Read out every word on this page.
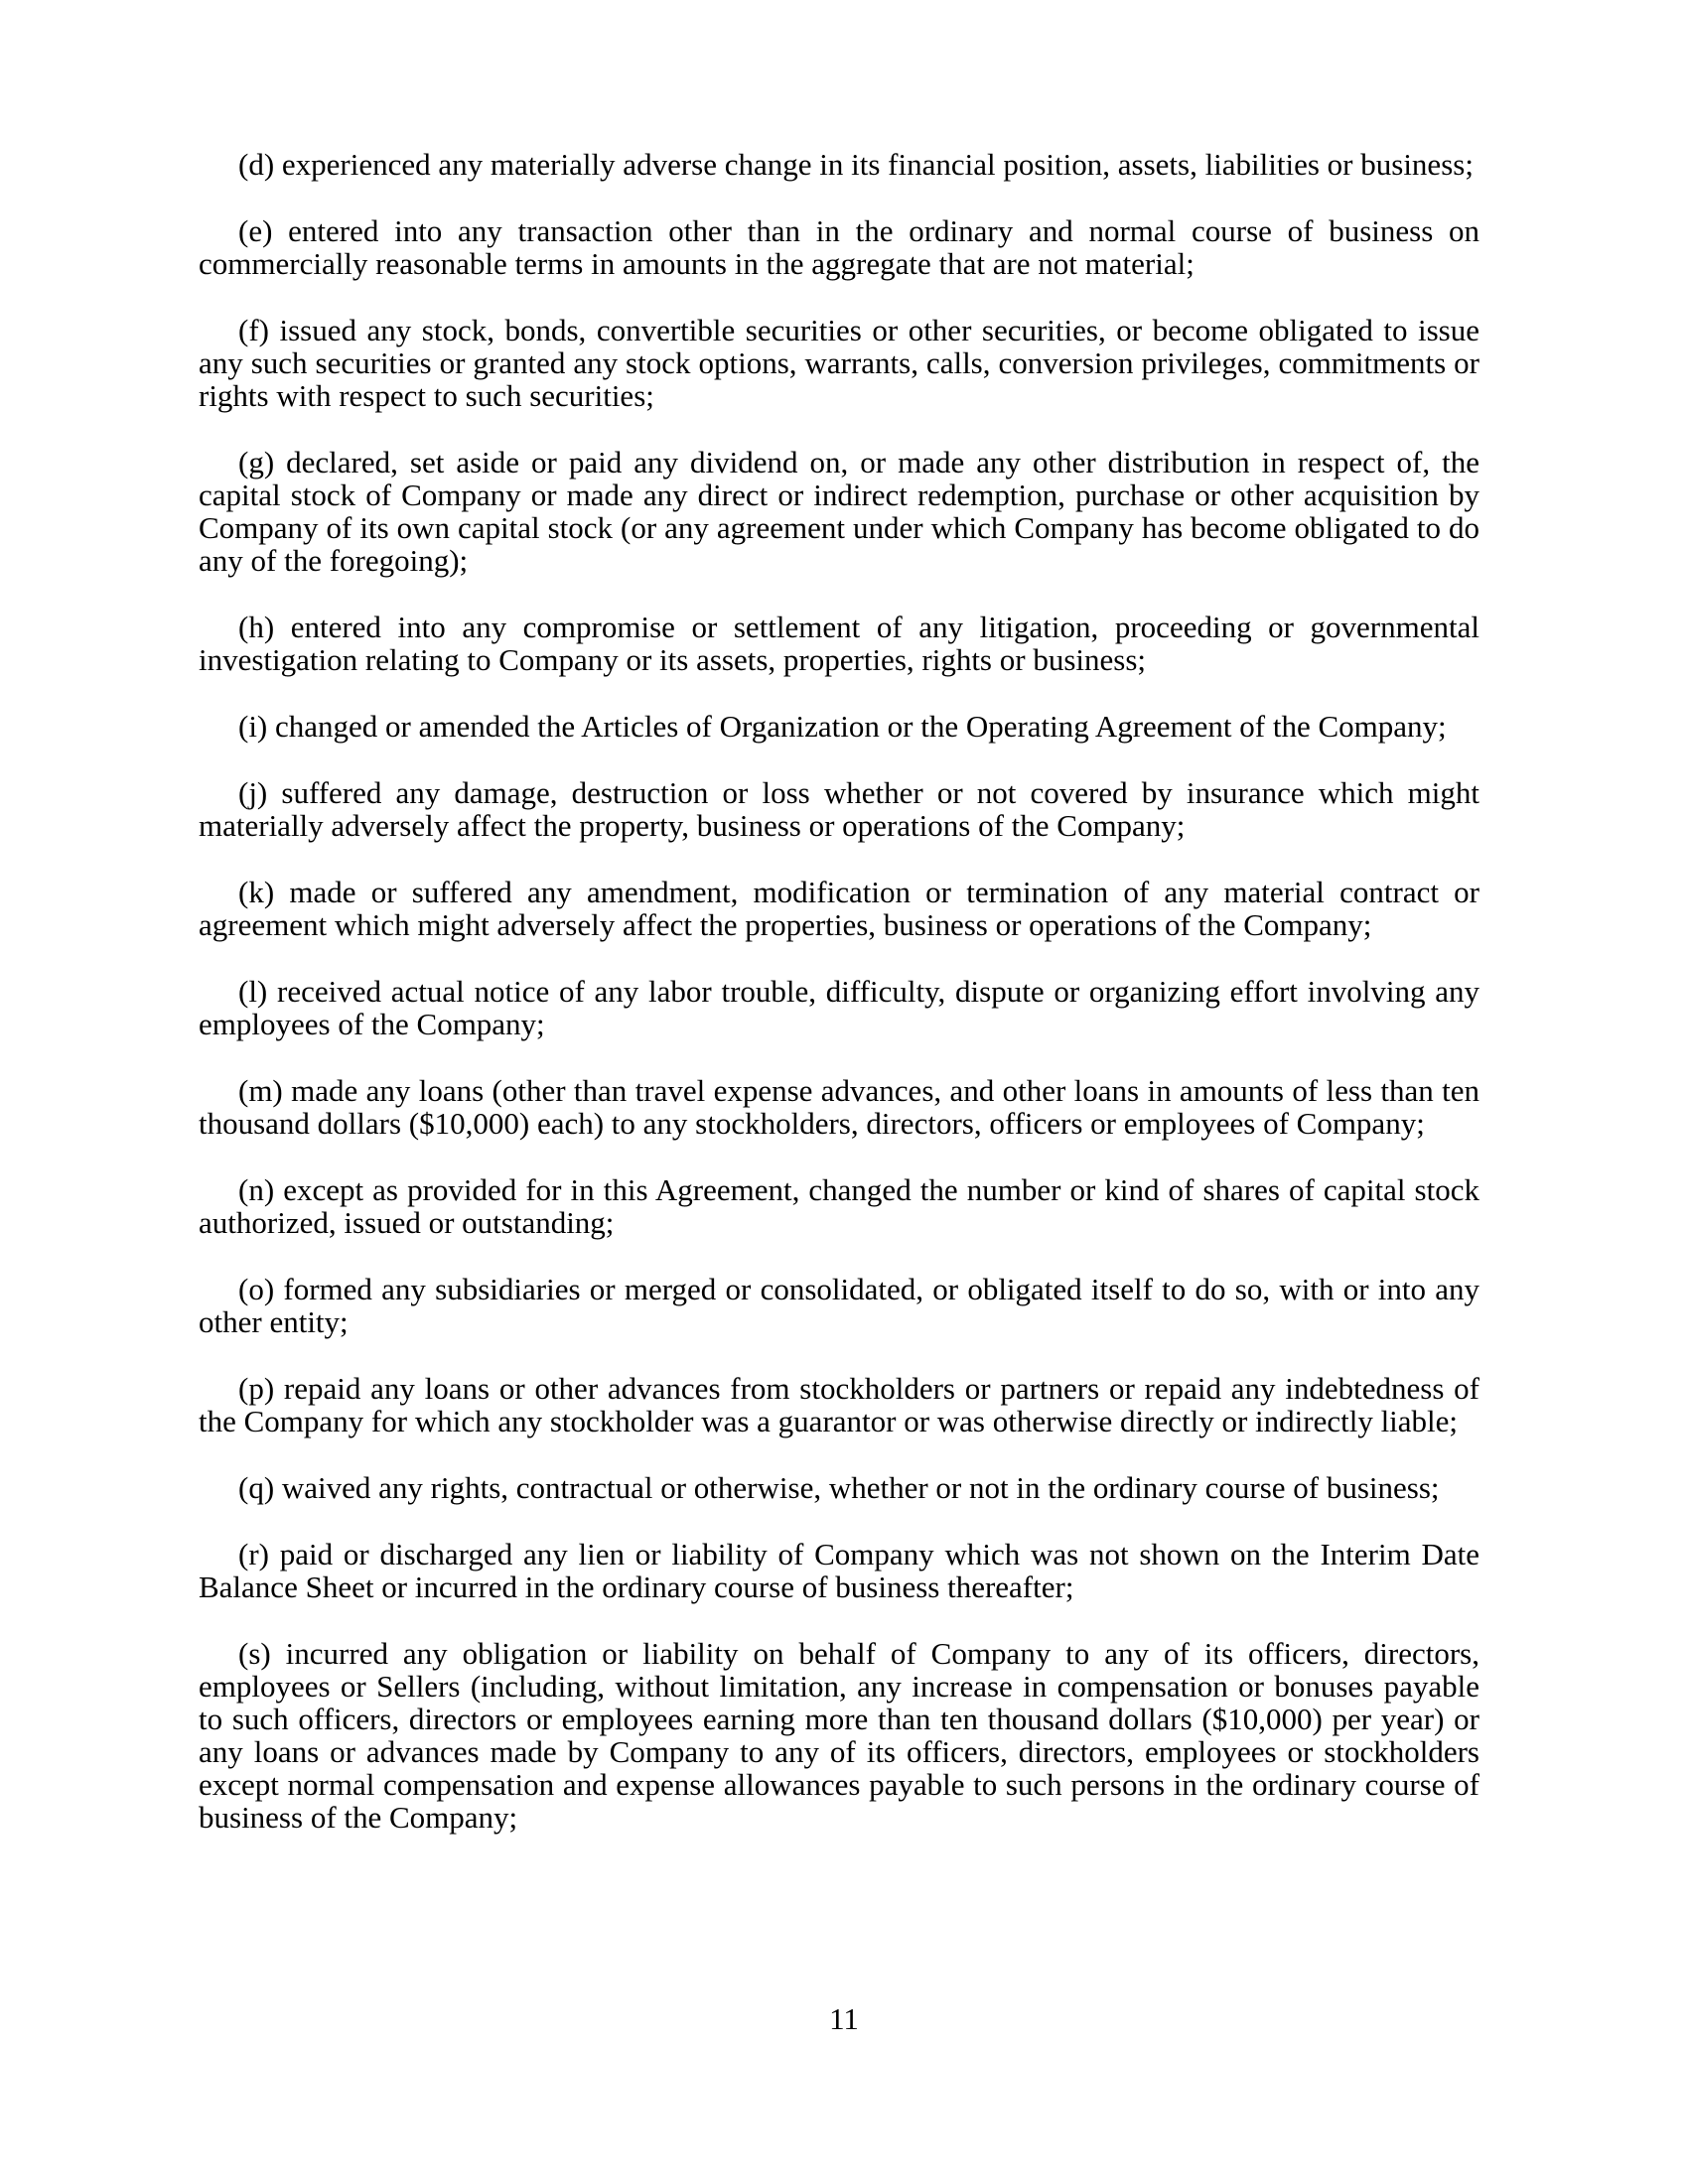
(d) experienced any materially adverse change in its financial position, assets, liabilities or business;

(e) entered into any transaction other than in the ordinary and normal course of business on commercially reasonable terms in amounts in the aggregate that are not material;

(f) issued any stock, bonds, convertible securities or other securities, or become obligated to issue any such securities or granted any stock options, warrants, calls, conversion privileges, commitments or rights with respect to such securities;

(g) declared, set aside or paid any dividend on, or made any other distribution in respect of, the capital stock of Company or made any direct or indirect redemption, purchase or other acquisition by Company of its own capital stock (or any agreement under which Company has become obligated to do any of the foregoing);

(h) entered into any compromise or settlement of any litigation, proceeding or governmental investigation relating to Company or its assets, properties, rights or business;

(i) changed or amended the Articles of Organization or the Operating Agreement of the Company;

(j) suffered any damage, destruction or loss whether or not covered by insurance which might materially adversely affect the property, business or operations of the Company;

(k) made or suffered any amendment, modification or termination of any material contract or agreement which might adversely affect the properties, business or operations of the Company;

(l) received actual notice of any labor trouble, difficulty, dispute or organizing effort involving any employees of the Company;

(m) made any loans (other than travel expense advances, and other loans in amounts of less than ten thousand dollars ($10,000) each) to any stockholders, directors, officers or employees of Company;

(n) except as provided for in this Agreement, changed the number or kind of shares of capital stock authorized, issued or outstanding;

(o) formed any subsidiaries or merged or consolidated, or obligated itself to do so, with or into any other entity;

(p) repaid any loans or other advances from stockholders or partners or repaid any indebtedness of the Company for which any stockholder was a guarantor or was otherwise directly or indirectly liable;

(q) waived any rights, contractual or otherwise, whether or not in the ordinary course of business;

(r) paid or discharged any lien or liability of Company which was not shown on the Interim Date Balance Sheet or incurred in the ordinary course of business thereafter;

(s) incurred any obligation or liability on behalf of Company to any of its officers, directors, employees or Sellers (including, without limitation, any increase in compensation or bonuses payable to such officers, directors or employees earning more than ten thousand dollars ($10,000) per year) or any loans or advances made by Company to any of its officers, directors, employees or stockholders except normal compensation and expense allowances payable to such persons in the ordinary course of business of the Company;

11
